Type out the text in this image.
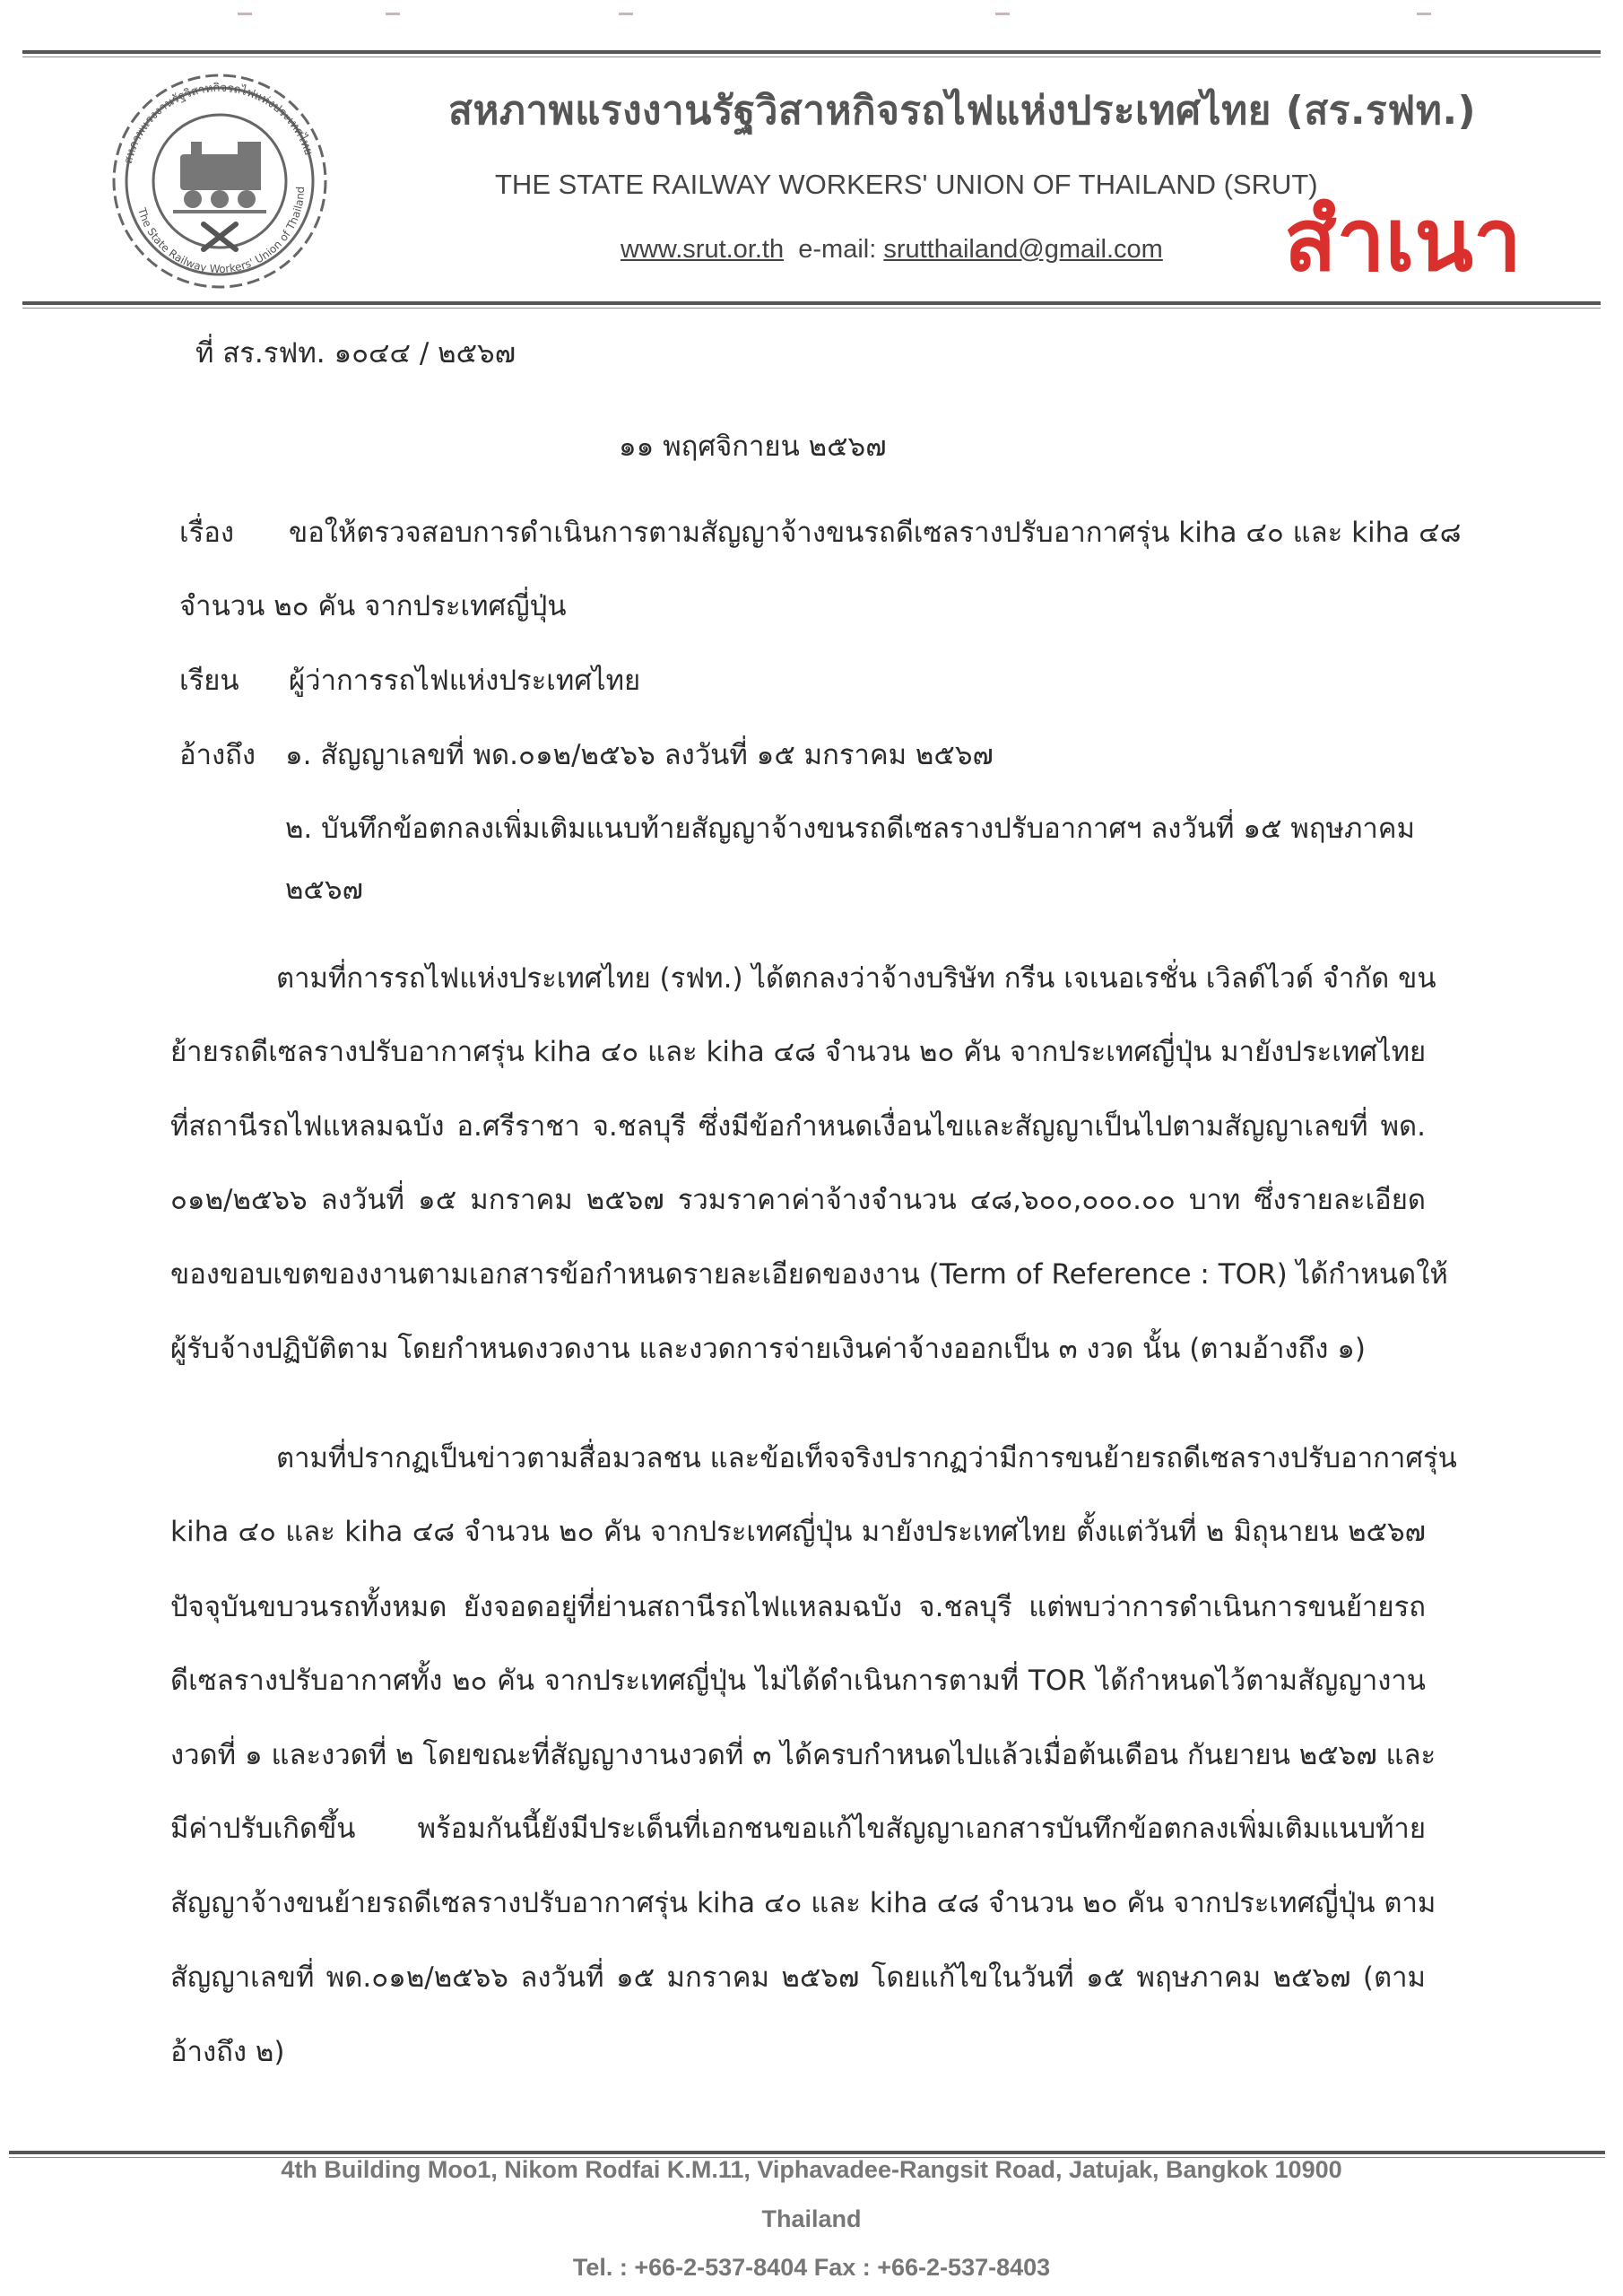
สหภาพแรงงานรัฐวิสาหกิจรถไฟแห่งประเทศไทย
The State Railway Workers' Union of Thailand
สหภาพแรงงานรัฐวิสาหกิจรถไฟแห่งประเทศไทย (สร.รฟท.)
THE STATE RAILWAY WORKERS' UNION OF THAILAND (SRUT)
www.srut.or.th e-mail: srutthailand@gmail.com สำเนา
ที่ สร.รฟท. ๑๐๔๔ / ๒๕๖๗
๑๑ พฤศจิกายน ๒๕๖๗
เรื่อง ขอให้ตรวจสอบการดำเนินการตามสัญญาจ้างขนรถดีเซลรางปรับอากาศรุ่น kiha ๔๐ และ kiha ๔๘
จำนวน ๒๐ คัน จากประเทศญี่ปุ่น
เรียน ผู้ว่าการรถไฟแห่งประเทศไทย
อ้างถึง ๑. สัญญาเลขที่ พด.๐๑๒/๒๕๖๖ ลงวันที่ ๑๕ มกราคม ๒๕๖๗
๒. บันทึกข้อตกลงเพิ่มเติมแนบท้ายสัญญาจ้างขนรถดีเซลรางปรับอากาศฯ ลงวันที่ ๑๕ พฤษภาคม
๒๕๖๗
ตามที่การรถไฟแห่งประเทศไทย (รฟท.) ได้ตกลงว่าจ้างบริษัท กรีน เจเนอเรชั่น เวิลด์ไวด์ จำกัด ขน
ย้ายรถดีเซลรางปรับอากาศรุ่น kiha ๔๐ และ kiha ๔๘ จำนวน ๒๐ คัน จากประเทศญี่ปุ่น มายังประเทศไทย
ที่สถานีรถไฟแหลมฉบัง อ.ศรีราชา จ.ชลบุรี ซึ่งมีข้อกำหนดเงื่อนไขและสัญญาเป็นไปตามสัญญาเลขที่ พด.
๐๑๒/๒๕๖๖ ลงวันที่ ๑๕ มกราคม ๒๕๖๗ รวมราคาค่าจ้างจำนวน ๔๘,๖๐๐,๐๐๐.๐๐ บาท ซึ่งรายละเอียด
ของขอบเขตของงานตามเอกสารข้อกำหนดรายละเอียดของงาน (Term of Reference : TOR) ได้กำหนดให้
ผู้รับจ้างปฏิบัติตาม โดยกำหนดงวดงาน และงวดการจ่ายเงินค่าจ้างออกเป็น ๓ งวด นั้น (ตามอ้างถึง ๑)
ตามที่ปรากฏเป็นข่าวตามสื่อมวลชน และข้อเท็จจริงปรากฏว่ามีการขนย้ายรถดีเซลรางปรับอากาศรุ่น
kiha ๔๐ และ kiha ๔๘ จำนวน ๒๐ คัน จากประเทศญี่ปุ่น มายังประเทศไทย ตั้งแต่วันที่ ๒ มิถุนายน ๒๕๖๗
ปัจจุบันขบวนรถทั้งหมด ยังจอดอยู่ที่ย่านสถานีรถไฟแหลมฉบัง จ.ชลบุรี แต่พบว่าการดำเนินการขนย้ายรถ
ดีเซลรางปรับอากาศทั้ง ๒๐ คัน จากประเทศญี่ปุ่น ไม่ได้ดำเนินการตามที่ TOR ได้กำหนดไว้ตามสัญญางาน
งวดที่ ๑ และงวดที่ ๒ โดยขณะที่สัญญางานงวดที่ ๓ ได้ครบกำหนดไปแล้วเมื่อต้นเดือน กันยายน ๒๕๖๗ และ
มีค่าปรับเกิดขึ้น พร้อมกันนี้ยังมีประเด็นที่เอกชนขอแก้ไขสัญญาเอกสารบันทึกข้อตกลงเพิ่มเติมแนบท้าย
สัญญาจ้างขนย้ายรถดีเซลรางปรับอากาศรุ่น kiha ๔๐ และ kiha ๔๘ จำนวน ๒๐ คัน จากประเทศญี่ปุ่น ตาม
สัญญาเลขที่ พด.๐๑๒/๒๕๖๖ ลงวันที่ ๑๕ มกราคม ๒๕๖๗ โดยแก้ไขในวันที่ ๑๕ พฤษภาคม ๒๕๖๗ (ตาม
อ้างถึง ๒)
4th Building Moo1, Nikom Rodfai K.M.11, Viphavadee-Rangsit Road, Jatujak, Bangkok 10900
Thailand
Tel. : +66-2-537-8404 Fax : +66-2-537-8403
